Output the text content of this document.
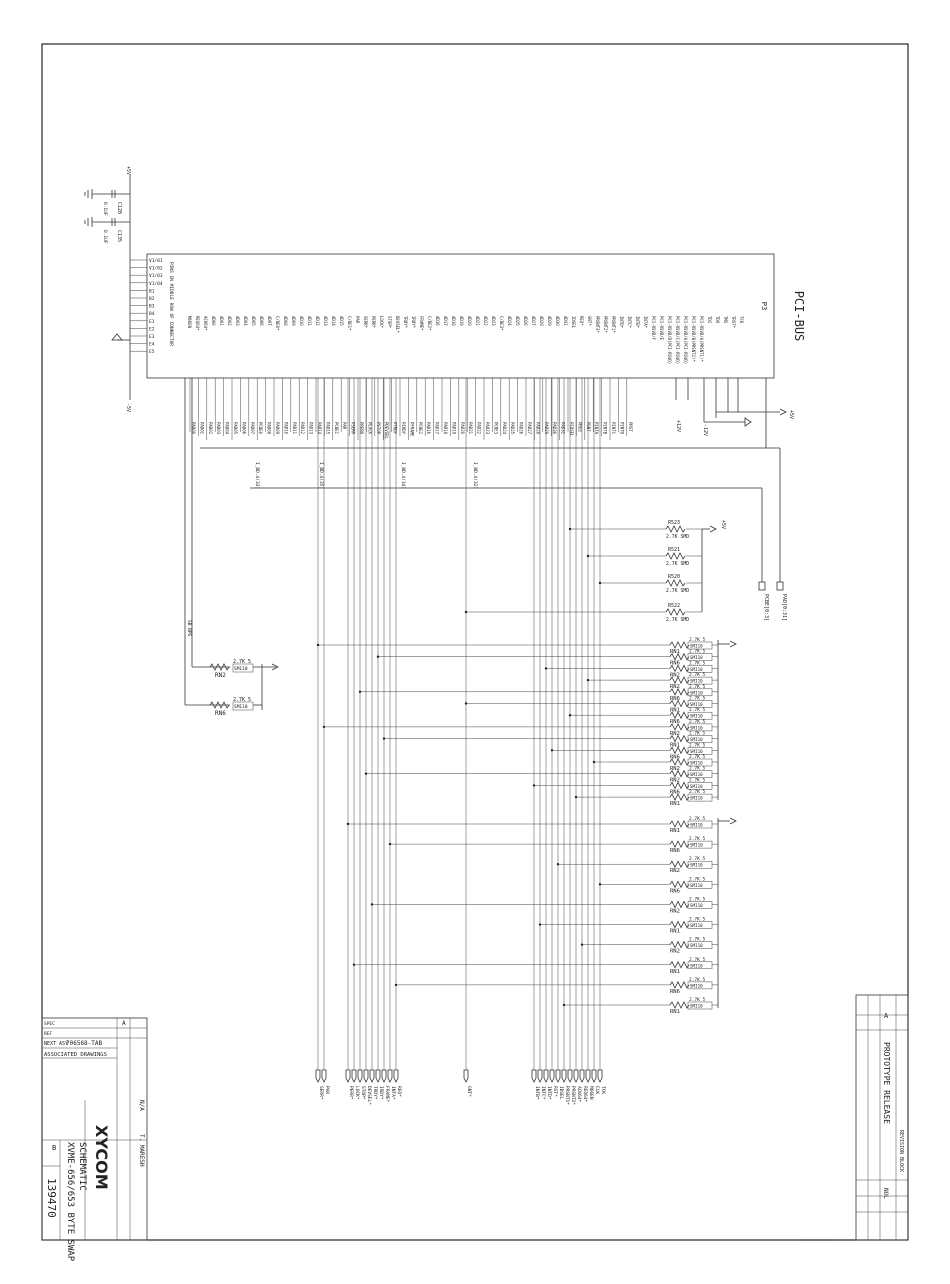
PCI-BUS
P3
PINS IN MIDDLE ROW OF CONNECTOR
V1/01
V1/02
V1/03
V1/04
B1
B2
B3
B4
E1
E2
E3
E4
E5
TCK
TRST*
TMS
TDO
TDI
PCI-RSVD/A(PRSNT1)*
PCI-RSVD/B(PRSNT2)*
PCI-RSVD/A(PCI-RSVD)
PCI-RSVD/C(PCI-RSVD)
PCI-RSVD/D(PCI-RSVD)
PCI-RSVD/E
PCI-RSVD/F
INTA*
INTB*
INTC*
INTD*
PRSNT1*
PRSNT2*
PRSNT3*
GNT*
REQ*
IDSEL
AD31
AD30
AD29
AD28
AD27
AD26
AD25
AD24
C/BE3*
AD23
AD22
AD21
AD20
AD19
AD18
AD17
AD16
C/BE2*
FRAME*
IRDY*
TRDY*
DEVSEL*
STOP*
LOCK*
PERR*
SERR*
PAR
C/BE1*
AD15
AD14
AD13
AD12
AD11
AD10
AD09
AD08
C/BE0*
AD07
AD06
AD05
AD04
AD03
AD02
AD01
AD00
ACK64*
REQ64*
M66EN
+5V
-5V
C128
0.1UF
C135
0.1UF
+5V
+12V	-12V
PAD00 PAD01 PAD02 PAD03 PAD04 PAD05 PAD06 PAD07 PCBE0 PAD08 PAD09 PAD10 PAD11 PAD12 PAD13 PAD14 PAD15 PCBE1 PAR PSERR PPERR PLOCK PSTOP PDEVSEL PTRDY PIRDY PFRAME PCBE2 PAD16 PAD17 PAD18 PAD19 PAD20 PAD21 PAD22 PAD23 PCBE3 PAD24 PAD25 PAD26 PAD27 PAD28 PAD29 PAD30 PAD31 PIDSEL PREQ PGNT PINTA PINTB PINTC PINTD PRST
R523
2.7K SMD
R521
2.7K SMD
R520
2.7K SMD
R522
2.7K SMD
+5V
PAD[0:31]
PCBE[0:3]
I_BD.4(33)	I_BD.4(35)	I_BD.4(34)	I_BD.4(32)
SB BPS
RN2
RN6
2.7K 5
2.7K 5
SM110
SM110
2.7K 5
SMI10
RN1 2.7K 5
SMI10
RN6 2.7K 5
SMI10
RN2 2.7K 5
SMI10
RN2 2.7K 5
SMI10
RN6 2.7K 5
SMI10
RN1 2.7K 5
SMI10
RN6 2.7K 5
SMI10
RN2 2.7K 5
SMI10
RN1 2.7K 5
SMI10
RN6 2.7K 5
SMI10
RN2 2.7K 5
SMI10
RN2 2.7K 5
SMI10
RN6 2.7K 5
SMI10
RN1
2.7K 5
SMI10
RN1
2.7K 5
SMI10
RN6
2.7K 5
SMI10
RN2
2.7K 5
SMI10
RN6
2.7K 5
SMI10
RN2
2.7K 5
SMI10
RN1
2.7K 5
SMI10
RN2
2.7K 5
SMI10
RN1
2.7K 5
SMI10
RN6
2.7K 5
SMI10
RN1
SERR* PAR	PERR* LOCK* STOP* DEVSEL* TRDY* IRDY* FRAME* INTA* REQ*	GNT*	INTB* INTC* INTD* RST* IDSEL PRSNT1* PRSNT2* ACK64* REQ64* M66EN CLK TCK
SPEC
REF
NEXT ASY
706568-TAB
ASSOCIATED DRAWINGS
XYCOM
SCHEMATIC
XVME-656/653 BYTE SWAP
139470
T. MARESH
N/A
B
A
REVISION BLOCK
A
PROTOTYPE RELEASE
NOL
